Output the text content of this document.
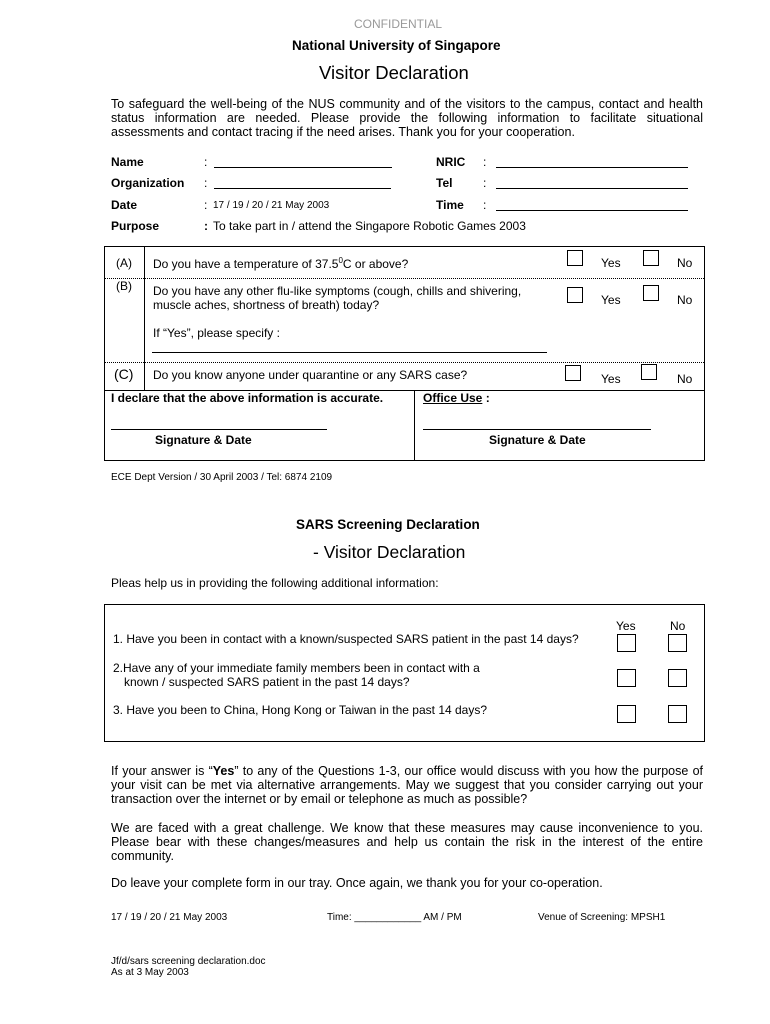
CONFIDENTIAL
National University of Singapore
Visitor Declaration
To safeguard the well-being of the NUS community and of the visitors to the campus, contact and health status information are needed. Please provide the following information to facilitate situational assessments and contact tracing if the need arises. Thank you for your cooperation.
Name	:
Organization :
Date	: 17 / 19 / 20 / 21 May 2003
Purpose	: To take part in / attend the Singapore Robotic Games 2003
NRIC :
Tel	:
Time :
(A) Do you have a temperature of 37.5$^0$C or above?	Yes	No
(B) Do you have any other flu-like symptoms (cough, chills and shivering,
muscle aches, shortness of breath) today?	Yes	No
If “Yes”, please specify :
(C) Do you know anyone under quarantine or any SARS case?	Yes	No
I declare that the above information is accurate.	Office Use :
Signature & Date	Signature & Date
ECE Dept Version / 30 April 2003 / Tel: 6874 2109
SARS Screening Declaration
- Visitor Declaration
Pleas help us in providing the following additional information:
Yes	No
1. Have you been in contact with a known/suspected SARS patient in the past 14 days?
2.Have any of your immediate family members been in contact with a
known / suspected SARS patient in the past 14 days?
3. Have you been to China, Hong Kong or Taiwan in the past 14 days?
If your answer is “Yes” to any of the Questions 1-3, our office would discuss with you how the purpose of your visit can be met via alternative arrangements. May we suggest that you consider carrying out your transaction over the internet or by email or telephone as much as possible?
We are faced with a great challenge. We know that these measures may cause inconvenience to you. Please bear with these changes/measures and help us contain the risk in the interest of the entire community.
Do leave your complete form in our tray. Once again, we thank you for your co-operation.
17 / 19 / 20 / 21 May 2003	Time: ____________ AM / PM	Venue of Screening: MPSH1
Jf/d/sars screening declaration.doc
As at 3 May 2003
